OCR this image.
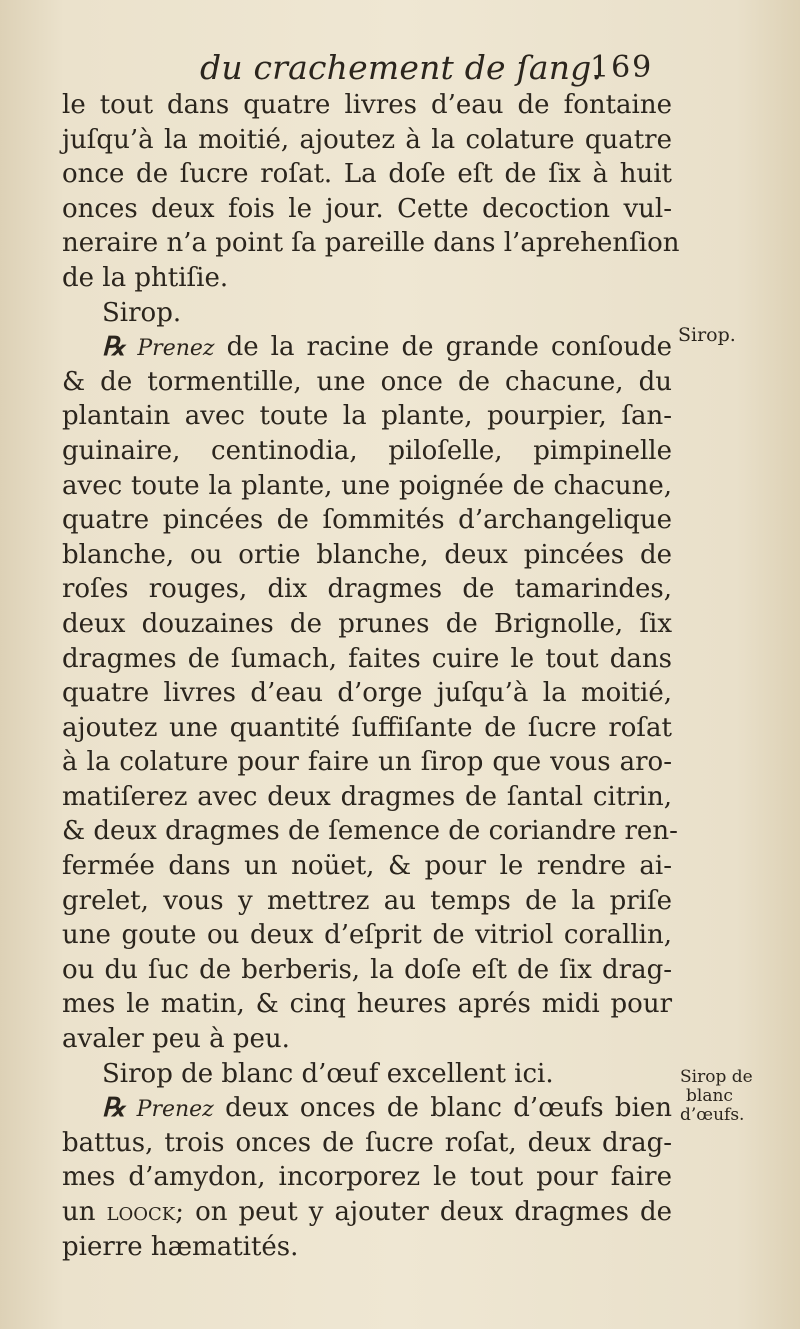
du crachement de ſang.
169
le tout dans quatre livres d’eau de fontaine
juſqu’à la moitié, ajoutez à la colature quatre
once de ſucre roſat. La doſe eſt de ſix à huit
onces deux fois le jour. Cette decoction vul-
neraire n’a point ſa pareille dans l’aprehenſion
de la phtiſie.
Sirop.
℞ Prenez de la racine de grande conſoude
& de tormentille, une once de chacune, du
plantain avec toute la plante, pourpier, ſan-
guinaire, centinodia, piloſelle, pimpinelle
avec toute la plante, une poignée de chacune,
quatre pincées de ſommités d’archangelique
blanche, ou ortie blanche, deux pincées de
roſes rouges, dix dragmes de tamarindes,
deux douzaines de prunes de Brignolle, ſix
dragmes de ſumach, faites cuire le tout dans
quatre livres d’eau d’orge juſqu’à la moitié,
ajoutez une quantité ſuffiſante de ſucre roſat
à la colature pour faire un ſirop que vous aro-
matiſerez avec deux dragmes de ſantal citrin,
& deux dragmes de ſemence de coriandre ren-
fermée dans un noüet, & pour le rendre ai-
grelet, vous y mettrez au temps de la priſe
une goute ou deux d’eſprit de vitriol corallin,
ou du ſuc de berberis, la doſe eſt de ſix drag-
mes le matin, & cinq heures aprés midi pour
avaler peu à peu.
Sirop de blanc d’œuf excellent ici.
℞ Prenez deux onces de blanc d’œufs bien
battus, trois onces de ſucre roſat, deux drag-
mes d’amydon, incorporez le tout pour faire
un loock; on peut y ajouter deux dragmes de
pierre hæmatités.
Sirop.
Sirop de
blanc
d’œufs.
